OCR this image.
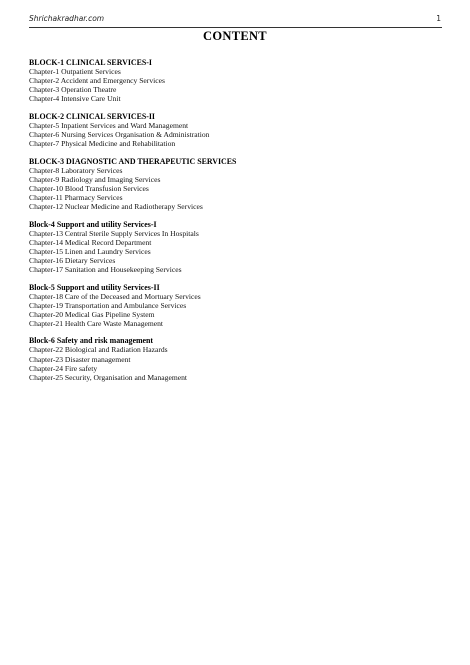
Shrichakradhar.com	1
CONTENT
BLOCK-1 CLINICAL SERVICES-I
Chapter-1 Outpatient Services
Chapter-2 Accident and Emergency Services
Chapter-3 Operation Theatre
Chapter-4 Intensive Care Unit
BLOCK-2 CLINICAL SERVICES-II
Chapter-5 Inpatient Services and Ward Management
Chapter-6 Nursing Services Organisation & Administration
Chapter-7 Physical Medicine and Rehabilitation
BLOCK-3 DIAGNOSTIC AND THERAPEUTIC SERVICES
Chapter-8 Laboratory Services
Chapter-9 Radiology and Imaging Services
Chapter-10 Blood Transfusion Services
Chapter-11 Pharmacy Services
Chapter-12 Nuclear Medicine and Radiotherapy Services
Block-4 Support and utility Services-I
Chapter-13 Central Sterile Supply Services In Hospitals
Chapter-14 Medical Record Department
Chapter-15 Linen and Laundry Services
Chapter-16 Dietary Services
Chapter-17 Sanitation and Housekeeping Services
Block-5 Support and utility Services-II
Chapter-18 Care of the Deceased and Mortuary Services
Chapter-19 Transportation and Ambulance Services
Chapter-20 Medical Gas Pipeline System
Chapter-21 Health Care Waste Management
Block-6 Safety and risk management
Chapter-22 Biological and Radiation Hazards
Chapter-23 Disaster management
Chapter-24 Fire safety
Chapter-25 Security, Organisation and Management
